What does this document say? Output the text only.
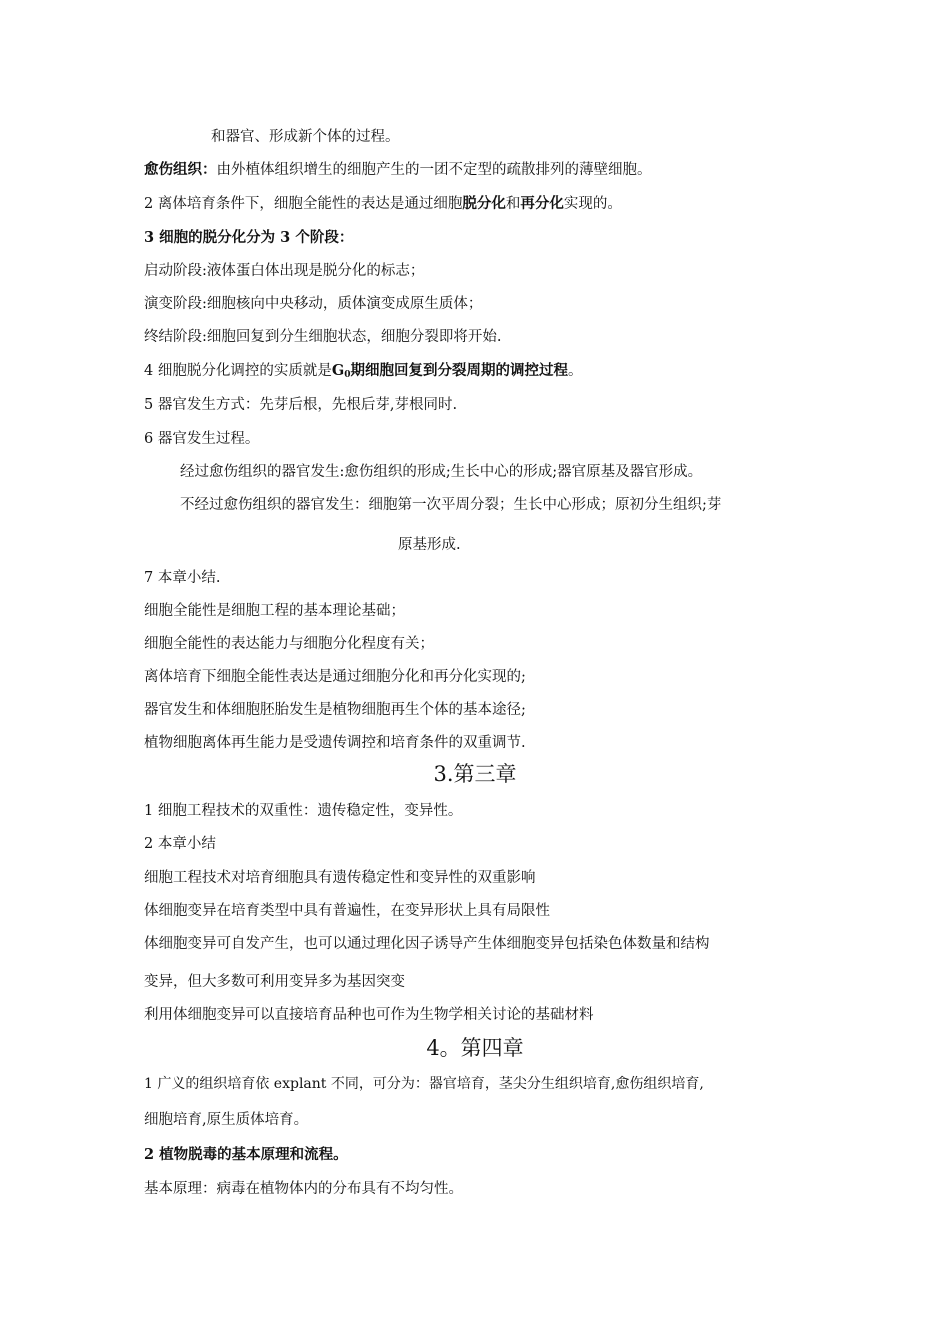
和器官、形成新个体的过程。
愈伤组织：由外植体组织增生的细胞产生的一团不定型的疏散排列的薄壁细胞。
2 离体培育条件下，细胞全能性的表达是通过细胞脱分化和再分化实现的。
3 细胞的脱分化分为 3 个阶段：
启动阶段:液体蛋白体出现是脱分化的标志；
演变阶段:细胞核向中央移动，质体演变成原生质体；
终结阶段:细胞回复到分生细胞状态，细胞分裂即将开始.
4 细胞脱分化调控的实质就是$G_0$期细胞回复到分裂周期的调控过程。
5 器官发生方式：先芽后根，先根后芽,芽根同时.
6 器官发生过程。
经过愈伤组织的器官发生:愈伤组织的形成;生长中心的形成;器官原基及器官形成。
不经过愈伤组织的器官发生：细胞第一次平周分裂；生长中心形成；原初分生组织;芽
原基形成.
7 本章小结.
细胞全能性是细胞工程的基本理论基础；
细胞全能性的表达能力与细胞分化程度有关；
离体培育下细胞全能性表达是通过细胞分化和再分化实现的;
器官发生和体细胞胚胎发生是植物细胞再生个体的基本途径;
植物细胞离体再生能力是受遗传调控和培育条件的双重调节.
3.第三章
1 细胞工程技术的双重性：遗传稳定性，变异性。
2 本章小结
细胞工程技术对培育细胞具有遗传稳定性和变异性的双重影响
体细胞变异在培育类型中具有普遍性，在变异形状上具有局限性
体细胞变异可自发产生，也可以通过理化因子诱导产生体细胞变异包括染色体数量和结构
变异，但大多数可利用变异多为基因突变
利用体细胞变异可以直接培育品种也可作为生物学相关讨论的基础材料
4。第四章
1 广义的组织培育依 explant 不同，可分为：器官培育，茎尖分生组织培育,愈伤组织培育,
细胞培育,原生质体培育。
2 植物脱毒的基本原理和流程。
基本原理：病毒在植物体内的分布具有不均匀性。
